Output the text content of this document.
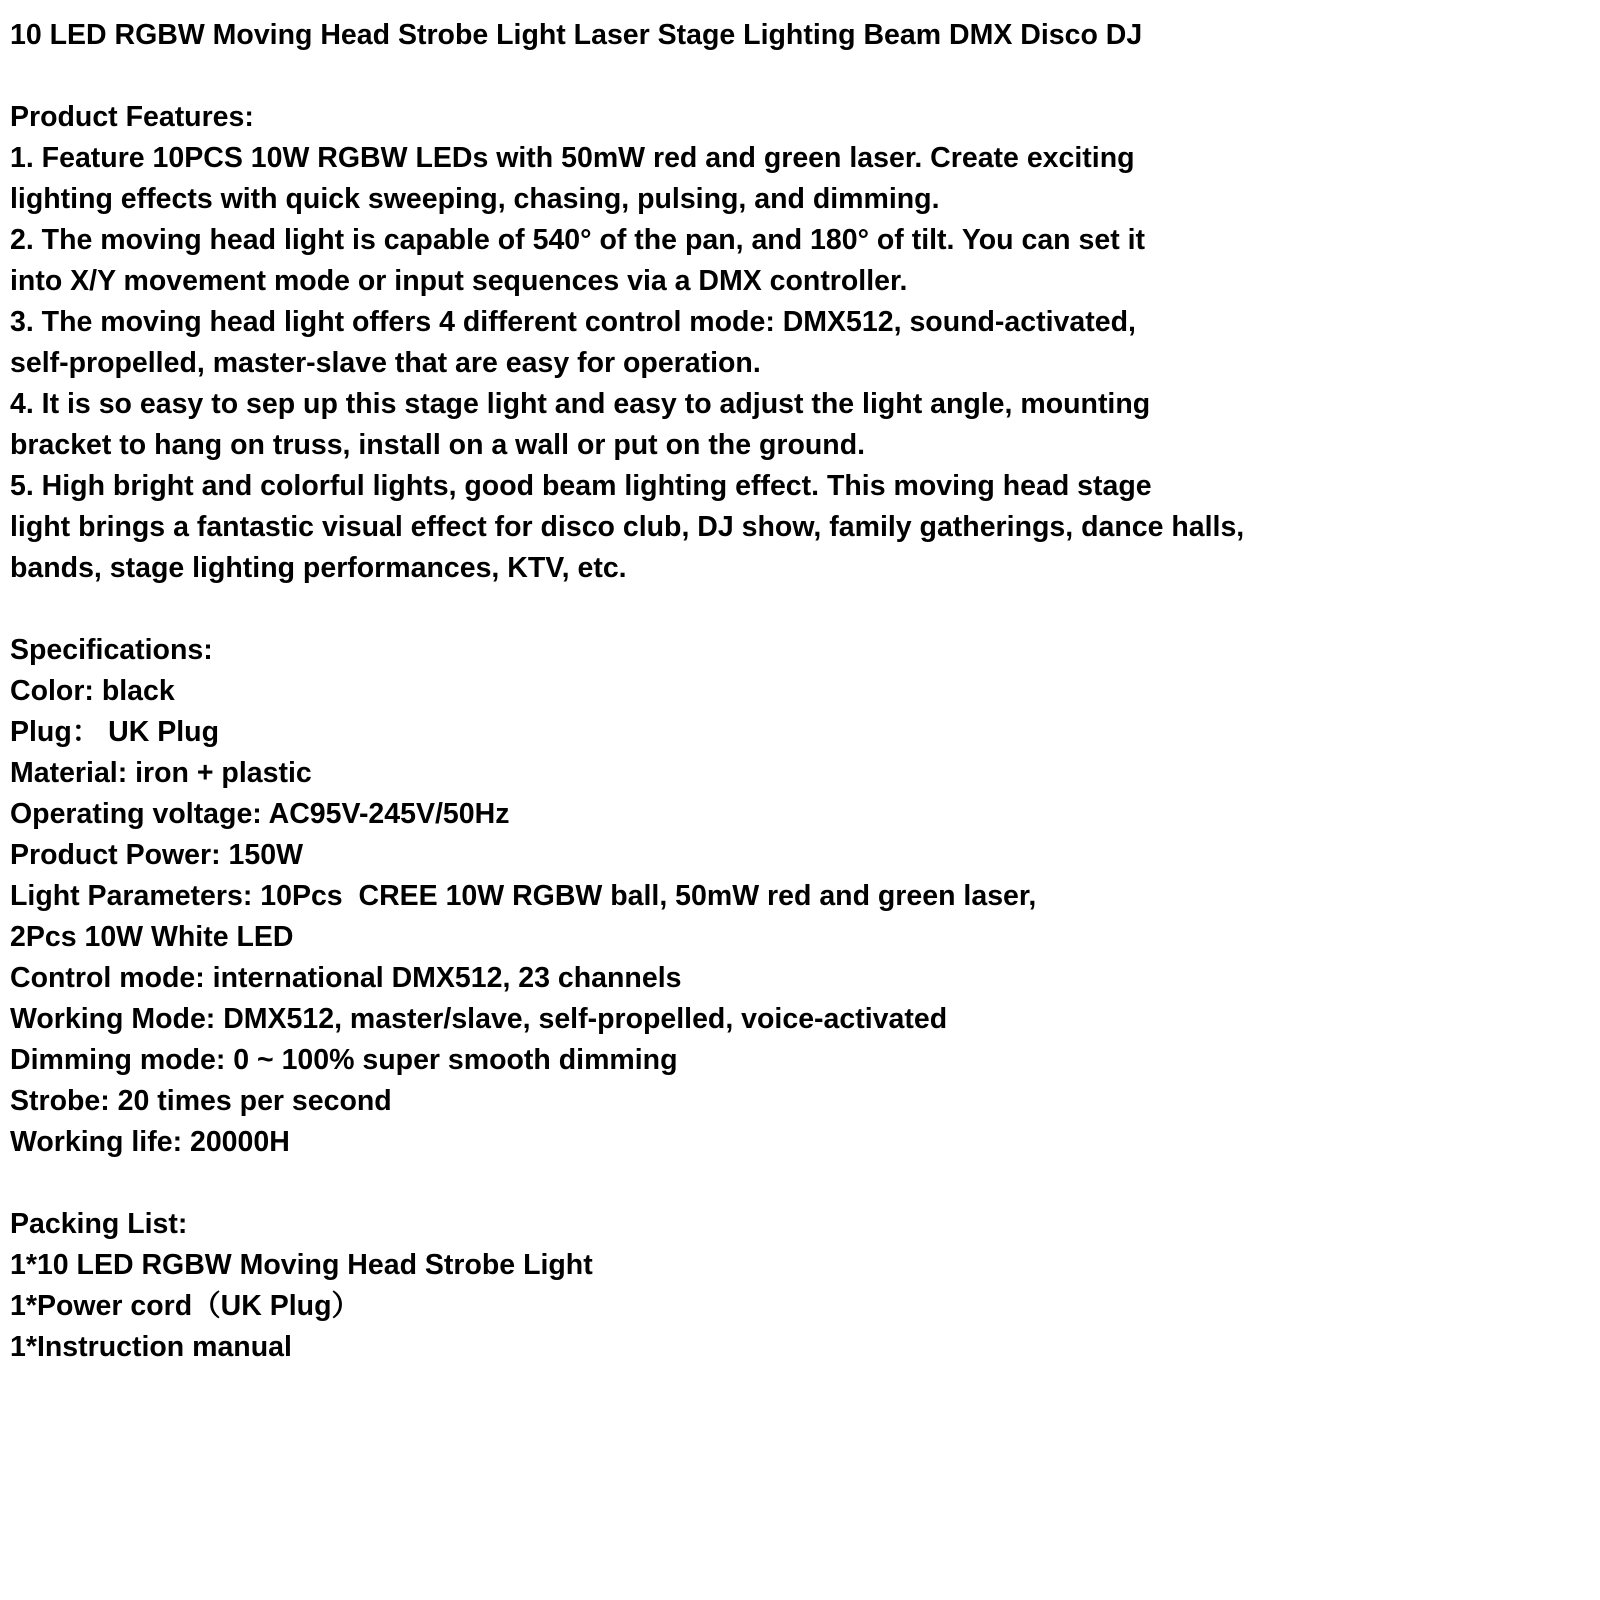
10 LED RGBW Moving Head Strobe Light Laser Stage Lighting Beam DMX Disco DJ
Product Features:
1. Feature 10PCS 10W RGBW LEDs with 50mW red and green laser. Create exciting
lighting effects with quick sweeping, chasing, pulsing, and dimming.
2. The moving head light is capable of 540° of the pan, and 180° of tilt. You can set it
into X/Y movement mode or input sequences via a DMX controller.
3. The moving head light offers 4 different control mode: DMX512, sound-activated,
self-propelled, master-slave that are easy for operation.
4. It is so easy to sep up this stage light and easy to adjust the light angle, mounting
bracket to hang on truss, install on a wall or put on the ground.
5. High bright and colorful lights, good beam lighting effect. This moving head stage
light brings a fantastic visual effect for disco club, DJ show, family gatherings, dance halls,
bands, stage lighting performances, KTV, etc.
Specifications:
Color: black
Plug： UK Plug
Material: iron + plastic
Operating voltage: AC95V-245V/50Hz
Product Power: 150W
Light Parameters: 10Pcs  CREE 10W RGBW ball, 50mW red and green laser,
2Pcs 10W White LED
Control mode: international DMX512, 23 channels
Working Mode: DMX512, master/slave, self-propelled, voice-activated
Dimming mode: 0 ~ 100% super smooth dimming
Strobe: 20 times per second
Working life: 20000H
Packing List:
1*10 LED RGBW Moving Head Strobe Light
1*Power cord（UK Plug）
1*Instruction manual
